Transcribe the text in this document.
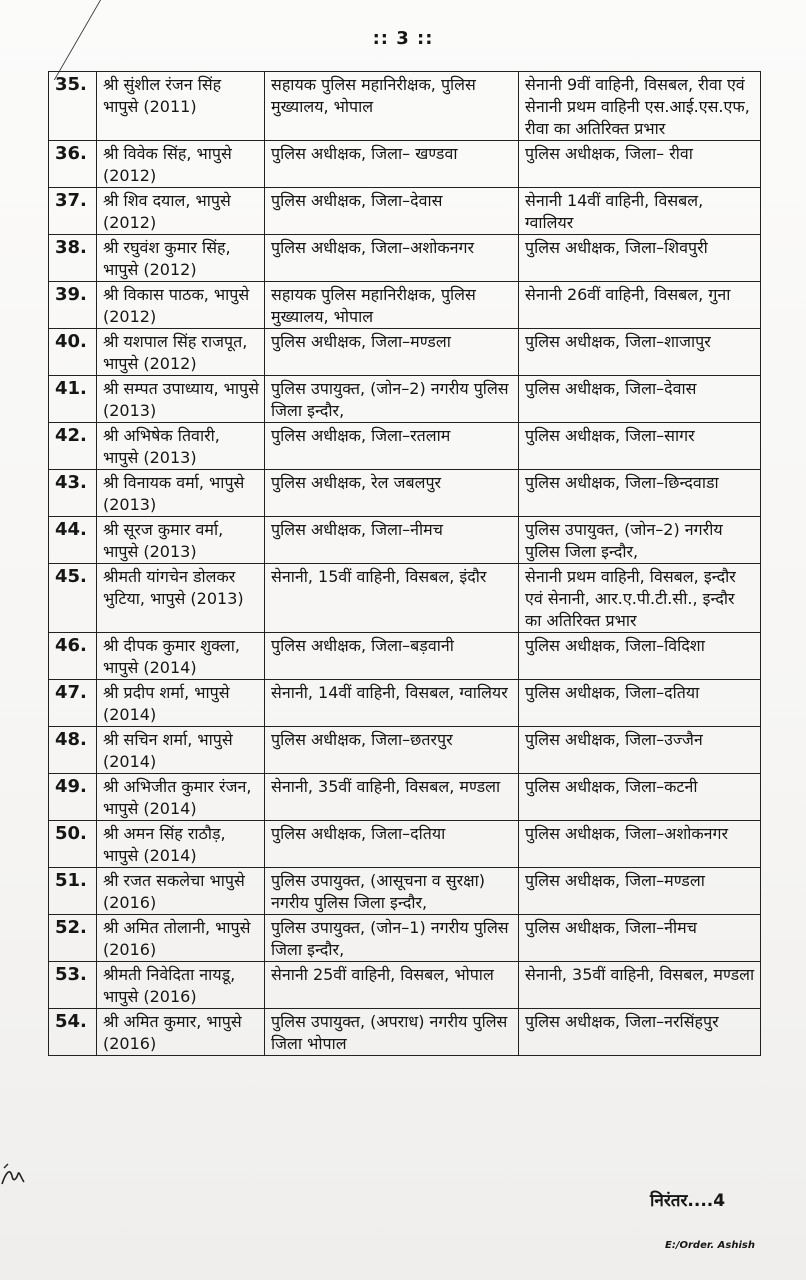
:: 3 ::
35.	श्री सुंशील रंजन सिंह भापुसे (2011)	सहायक पुलिस महानिरीक्षक, पुलिस मुख्यालय, भोपाल	सेनानी 9वीं वाहिनी, विसबल, रीवा एवं सेनानी प्रथम वाहिनी एस.आई.एस.एफ, रीवा का अतिरिक्त प्रभार
36.	श्री विवेक सिंह, भापुसे (2012)	पुलिस अधीक्षक, जिला– खण्डवा	पुलिस अधीक्षक, जिला– रीवा
37.	श्री शिव दयाल, भापुसे (2012)	पुलिस अधीक्षक, जिला–देवास	सेनानी 14वीं वाहिनी, विसबल, ग्वालियर
38.	श्री रघुवंश कुमार सिंह, भापुसे (2012)	पुलिस अधीक्षक, जिला–अशोकनगर	पुलिस अधीक्षक, जिला–शिवपुरी
39.	श्री विकास पाठक, भापुसे (2012)	सहायक पुलिस महानिरीक्षक, पुलिस मुख्यालय, भोपाल	सेनानी 26वीं वाहिनी, विसबल, गुना
40.	श्री यशपाल सिंह राजपूत, भापुसे (2012)	पुलिस अधीक्षक, जिला–मण्डला	पुलिस अधीक्षक, जिला–शाजापुर
41.	श्री सम्पत उपाध्याय, भापुसे (2013)	पुलिस उपायुक्त, (जोन–2) नगरीय पुलिस जिला इन्दौर,	पुलिस अधीक्षक, जिला–देवास
42.	श्री अभिषेक तिवारी, भापुसे (2013)	पुलिस अधीक्षक, जिला–रतलाम	पुलिस अधीक्षक, जिला–सागर
43.	श्री विनायक वर्मा, भापुसे (2013)	पुलिस अधीक्षक, रेल जबलपुर	पुलिस अधीक्षक, जिला–छिन्दवाडा
44.	श्री सूरज कुमार वर्मा, भापुसे (2013)	पुलिस अधीक्षक, जिला–नीमच	पुलिस उपायुक्त, (जोन–2) नगरीय पुलिस जिला इन्दौर,
45.	श्रीमती यांगचेन डोलकर भुटिया, भापुसे (2013)	सेनानी, 15वीं वाहिनी, विसबल, इंदौर	सेनानी प्रथम वाहिनी, विसबल, इन्दौर एवं सेनानी, आर.ए.पी.टी.सी., इन्दौर का अतिरिक्त प्रभार
46.	श्री दीपक कुमार शुक्ला, भापुसे (2014)	पुलिस अधीक्षक, जिला–बड़वानी	पुलिस अधीक्षक, जिला–विदिशा
47.	श्री प्रदीप शर्मा, भापुसे (2014)	सेनानी, 14वीं वाहिनी, विसबल, ग्वालियर	पुलिस अधीक्षक, जिला–दतिया
48.	श्री सचिन शर्मा, भापुसे (2014)	पुलिस अधीक्षक, जिला–छतरपुर	पुलिस अधीक्षक, जिला–उज्जैन
49.	श्री अभिजीत कुमार रंजन, भापुसे (2014)	सेनानी, 35वीं वाहिनी, विसबल, मण्डला	पुलिस अधीक्षक, जिला–कटनी
50.	श्री अमन सिंह राठौड़, भापुसे (2014)	पुलिस अधीक्षक, जिला–दतिया	पुलिस अधीक्षक, जिला–अशोकनगर
51.	श्री रजत सकलेचा भापुसे (2016)	पुलिस उपायुक्त, (आसूचना व सुरक्षा) नगरीय पुलिस जिला इन्दौर,	पुलिस अधीक्षक, जिला–मण्डला
52.	श्री अमित तोलानी, भापुसे (2016)	पुलिस उपायुक्त, (जोन–1) नगरीय पुलिस जिला इन्दौर,	पुलिस अधीक्षक, जिला–नीमच
53.	श्रीमती निवेदिता नायडू, भापुसे (2016)	सेनानी 25वीं वाहिनी, विसबल, भोपाल	सेनानी, 35वीं वाहिनी, विसबल, मण्डला
54.	श्री अमित कुमार, भापुसे (2016)	पुलिस उपायुक्त, (अपराध) नगरीय पुलिस जिला भोपाल	पुलिस अधीक्षक, जिला–नरसिंहपुर
निरंतर....4
E:/Order. Ashish
